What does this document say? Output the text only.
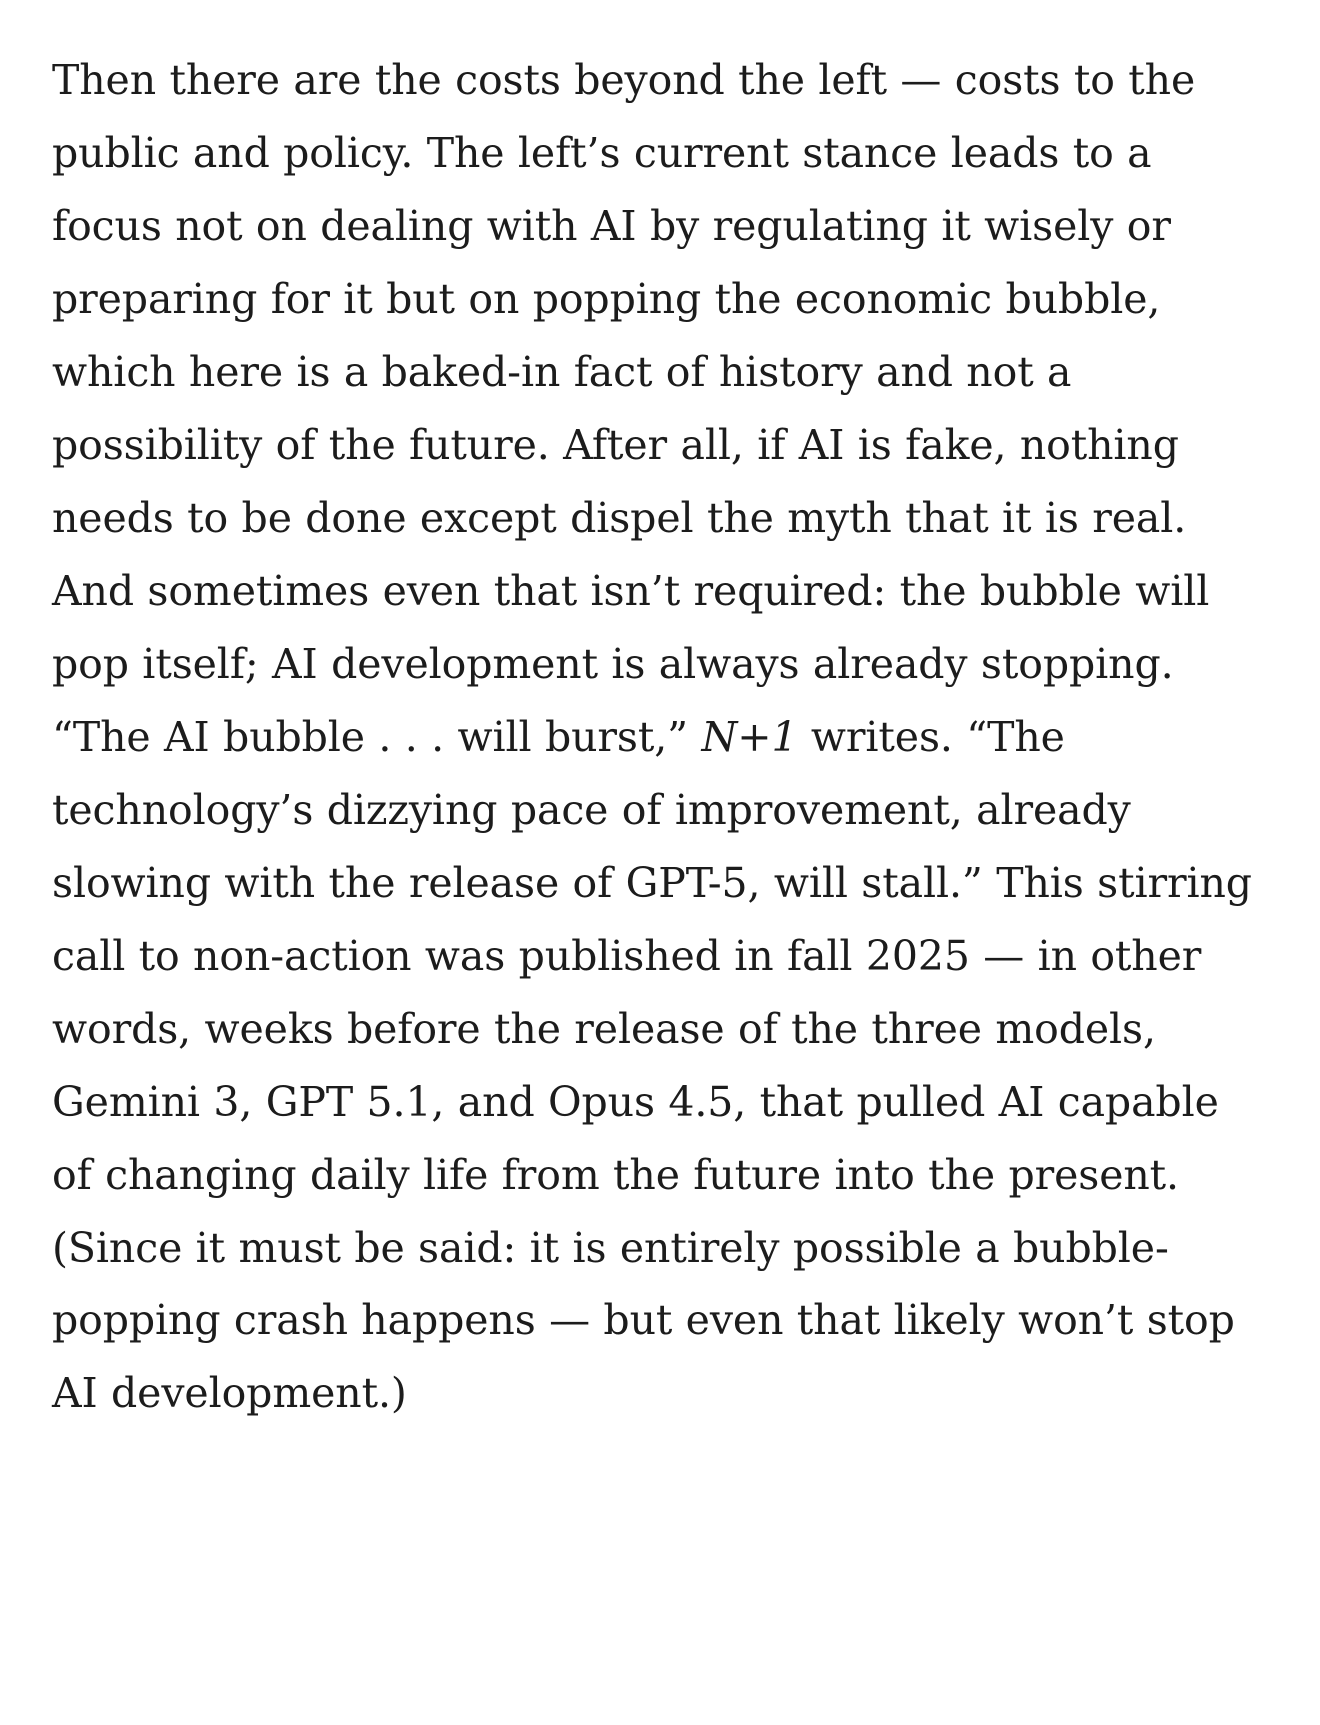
Then there are the costs beyond the left — costs to the public and policy. The left’s current stance leads to a focus not on dealing with AI by regulating it wisely or preparing for it but on popping the economic bubble, which here is a baked-in fact of history and not a possibility of the future. After all, if AI is fake, nothing needs to be done except dispel the myth that it is real. And sometimes even that isn’t required: the bubble will pop itself; AI development is always already stopping. “The AI bubble . . . will burst,” N+1 writes. “The technology’s dizzying pace of improvement, already slowing with the release of GPT-5, will stall.” This stirring call to non-action was published in fall 2025 — in other words, weeks before the release of the three models, Gemini 3, GPT 5.1, and Opus 4.5, that pulled AI capable of changing daily life from the future into the present. (Since it must be said: it is entirely possible a bubble-popping crash happens — but even that likely won’t stop AI development.)
